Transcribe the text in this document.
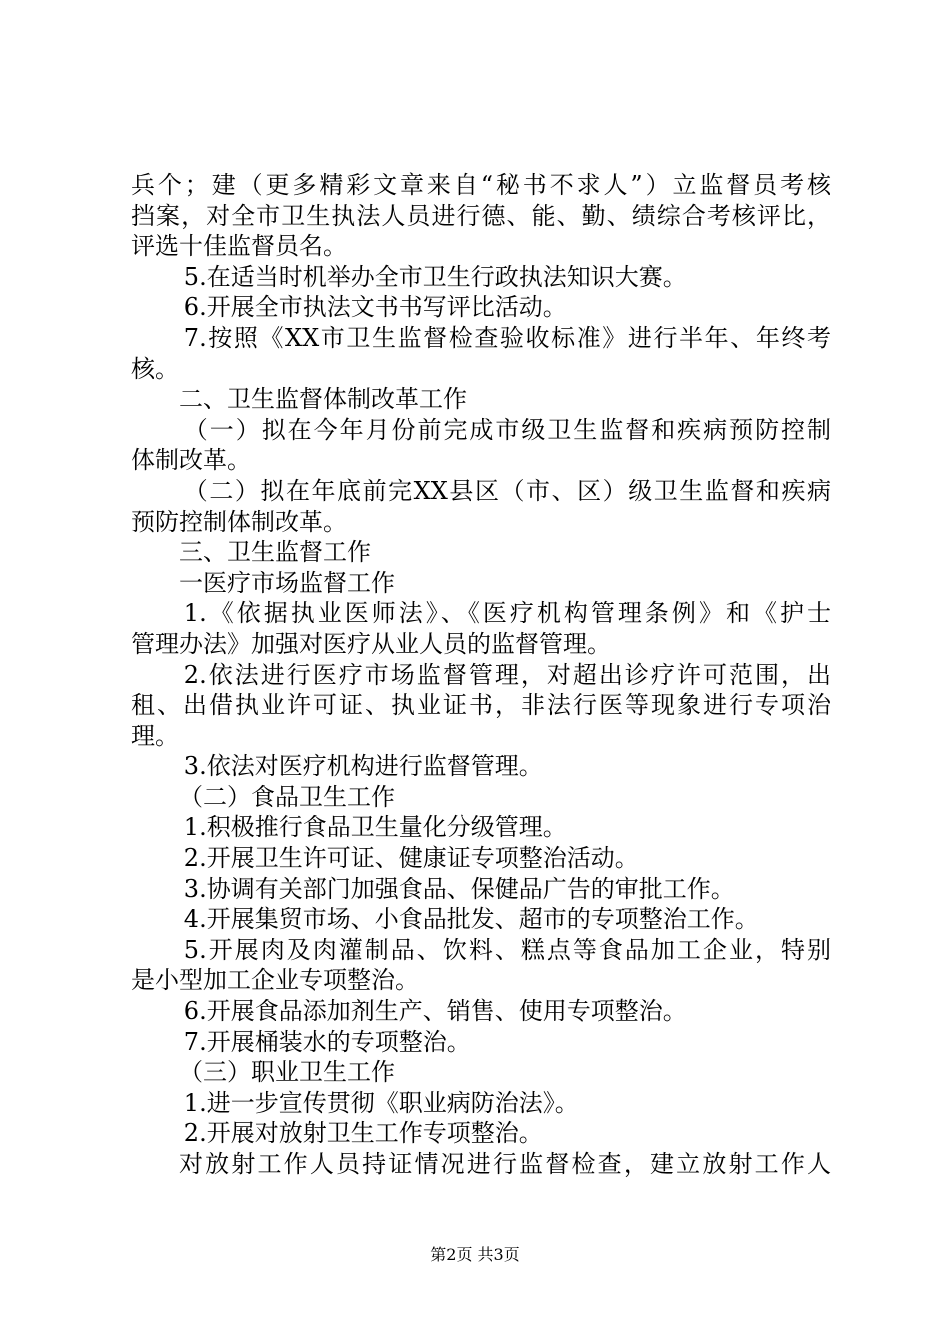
兵个；建（更多精彩文章来自“秘书不求人”）立监督员考核
挡案，对全市卫生执法人员进行德、能、勤、绩综合考核评比，
评选十佳监督员名。
5.在适当时机举办全市卫生行政执法知识大赛。
6.开展全市执法文书书写评比活动。
7.按照《XX市卫生监督检查验收标准》进行半年、年终考
核。
二、卫生监督体制改革工作
（一）拟在今年月份前完成市级卫生监督和疾病预防控制
体制改革。
（二）拟在年底前完XX县区（市、区）级卫生监督和疾病
预防控制体制改革。
三、卫生监督工作
一医疗市场监督工作
1.《依据执业医师法》、《医疗机构管理条例》和《护士
管理办法》加强对医疗从业人员的监督管理。
2.依法进行医疗市场监督管理，对超出诊疗许可范围，出
租、出借执业许可证、执业证书，非法行医等现象进行专项治
理。
3.依法对医疗机构进行监督管理。
（二）食品卫生工作
1.积极推行食品卫生量化分级管理。
2.开展卫生许可证、健康证专项整治活动。
3.协调有关部门加强食品、保健品广告的审批工作。
4.开展集贸市场、小食品批发、超市的专项整治工作。
5.开展肉及肉灌制品、饮料、糕点等食品加工企业，特别
是小型加工企业专项整治。
6.开展食品添加剂生产、销售、使用专项整治。
7.开展桶装水的专项整治。
（三）职业卫生工作
1.进一步宣传贯彻《职业病防治法》。
2.开展对放射卫生工作专项整治。
对放射工作人员持证情况进行监督检查，建立放射工作人
第2页 共3页
